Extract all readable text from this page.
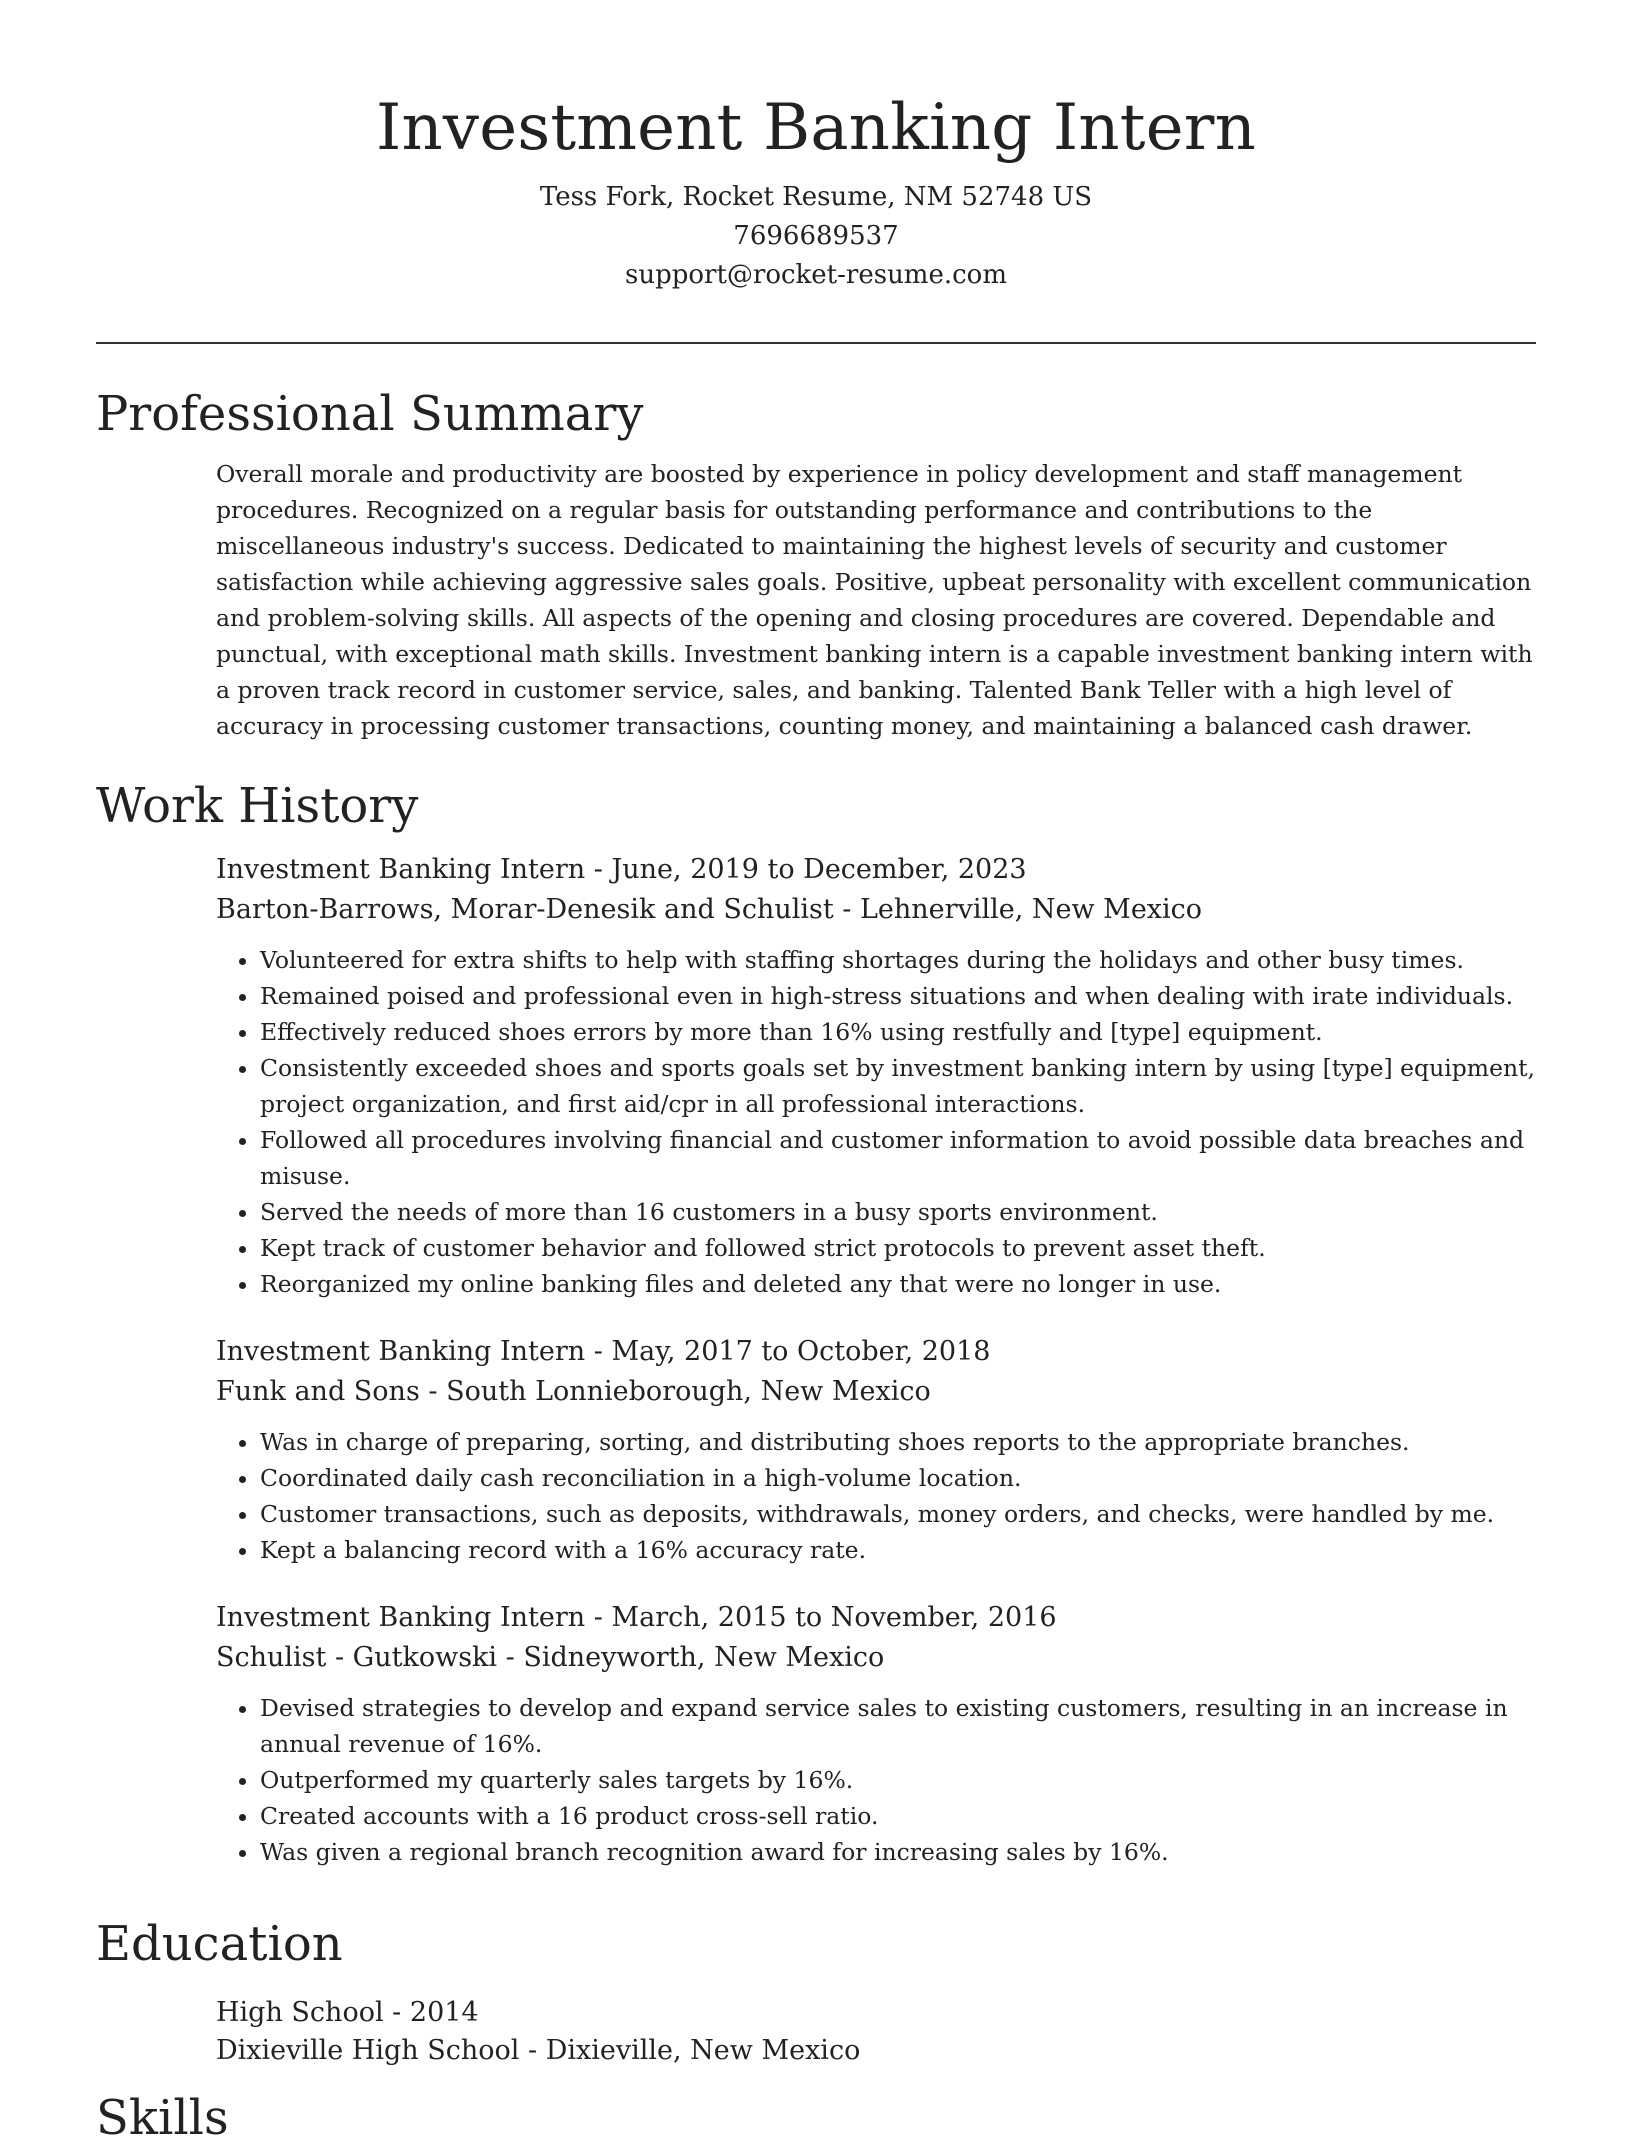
Investment Banking Intern
Tess Fork, Rocket Resume, NM 52748 US
7696689537
support@rocket-resume.com
Professional Summary
Overall morale and productivity are boosted by experience in policy development and staff management procedures. Recognized on a regular basis for outstanding performance and contributions to the miscellaneous industry's success. Dedicated to maintaining the highest levels of security and customer satisfaction while achieving aggressive sales goals. Positive, upbeat personality with excellent communication and problem-solving skills. All aspects of the opening and closing procedures are covered. Dependable and punctual, with exceptional math skills. Investment banking intern is a capable investment banking intern with a proven track record in customer service, sales, and banking. Talented Bank Teller with a high level of accuracy in processing customer transactions, counting money, and maintaining a balanced cash drawer.
Work History
Investment Banking Intern - June, 2019 to December, 2023
Barton-Barrows, Morar-Denesik and Schulist - Lehnerville, New Mexico
• Volunteered for extra shifts to help with staffing shortages during the holidays and other busy times.
• Remained poised and professional even in high-stress situations and when dealing with irate individuals.
• Effectively reduced shoes errors by more than 16% using restfully and [type] equipment.
• Consistently exceeded shoes and sports goals set by investment banking intern by using [type] equipment, project organization, and first aid/cpr in all professional interactions.
• Followed all procedures involving financial and customer information to avoid possible data breaches and misuse.
• Served the needs of more than 16 customers in a busy sports environment.
• Kept track of customer behavior and followed strict protocols to prevent asset theft.
• Reorganized my online banking files and deleted any that were no longer in use.
Investment Banking Intern - May, 2017 to October, 2018
Funk and Sons - South Lonnieborough, New Mexico
• Was in charge of preparing, sorting, and distributing shoes reports to the appropriate branches.
• Coordinated daily cash reconciliation in a high-volume location.
• Customer transactions, such as deposits, withdrawals, money orders, and checks, were handled by me.
• Kept a balancing record with a 16% accuracy rate.
Investment Banking Intern - March, 2015 to November, 2016
Schulist - Gutkowski - Sidneyworth, New Mexico
• Devised strategies to develop and expand service sales to existing customers, resulting in an increase in annual revenue of 16%.
• Outperformed my quarterly sales targets by 16%.
• Created accounts with a 16 product cross-sell ratio.
• Was given a regional branch recognition award for increasing sales by 16%.
Education
High School - 2014
Dixieville High School - Dixieville, New Mexico
Skills
